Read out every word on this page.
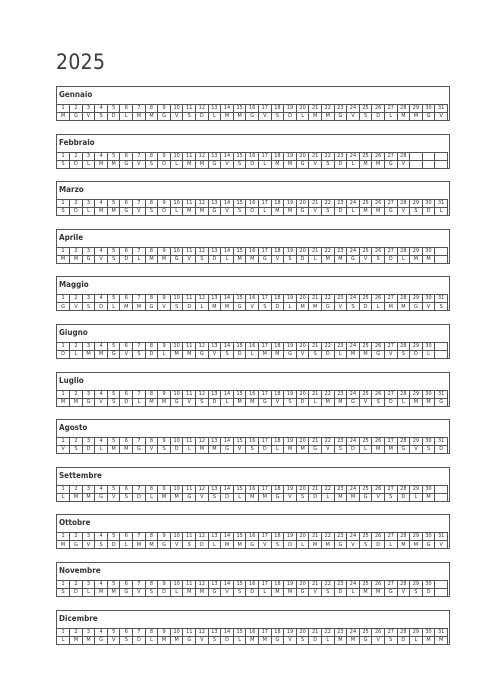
2025
Gennaio
1	2	3	4	5	6	7	8	9	10	11	12	13	14	15	16	17	18	19	20	21	22	23	24	25	26	27	28	29	30	31
M	G	V	S	D	L	M	M	G	V	S	D	L	M	M	G	V	S	D	L	M	M	G	V	S	D	L	M	M	G	V
Febbraio
1	2	3	4	5	6	7	8	9	10	11	12	13	14	15	16	17	18	19	20	21	22	23	24	25	26	27	28			
S	D	L	M	M	G	V	S	D	L	M	M	G	V	S	D	L	M	M	G	V	S	D	L	M	M	G	V			
Marzo
1	2	3	4	5	6	7	8	9	10	11	12	13	14	15	16	17	18	19	20	21	22	23	24	25	26	27	28	29	30	31
S	D	L	M	M	G	V	S	D	L	M	M	G	V	S	D	L	M	M	G	V	S	D	L	M	M	G	V	S	D	L
Aprile
1	2	3	4	5	6	7	8	9	10	11	12	13	14	15	16	17	18	19	20	21	22	23	24	25	26	27	28	29	30	
M	M	G	V	S	D	L	M	M	G	V	S	D	L	M	M	G	V	S	D	L	M	M	G	V	S	D	L	M	M	
Maggio
1	2	3	4	5	6	7	8	9	10	11	12	13	14	15	16	17	18	19	20	21	22	23	24	25	26	27	28	29	30	31
G	V	S	D	L	M	M	G	V	S	D	L	M	M	G	V	S	D	L	M	M	G	V	S	D	L	M	M	G	V	S
Giugno
1	2	3	4	5	6	7	8	9	10	11	12	13	14	15	16	17	18	19	20	21	22	23	24	25	26	27	28	29	30	
D	L	M	M	G	V	S	D	L	M	M	G	V	S	D	L	M	M	G	V	S	D	L	M	M	G	V	S	D	L	
Luglio
1	2	3	4	5	6	7	8	9	10	11	12	13	14	15	16	17	18	19	20	21	22	23	24	25	26	27	28	29	30	31
M	M	G	V	S	D	L	M	M	G	V	S	D	L	M	M	G	V	S	D	L	M	M	G	V	S	D	L	M	M	G
Agosto
1	2	3	4	5	6	7	8	9	10	11	12	13	14	15	16	17	18	19	20	21	22	23	24	25	26	27	28	29	30	31
V	S	D	L	M	M	G	V	S	D	L	M	M	G	V	S	D	L	M	M	G	V	S	D	L	M	M	G	V	S	D
Settembre
1	2	3	4	5	6	7	8	9	10	11	12	13	14	15	16	17	18	19	20	21	22	23	24	25	26	27	28	29	30	
L	M	M	G	V	S	D	L	M	M	G	V	S	D	L	M	M	G	V	S	D	L	M	M	G	V	S	D	L	M	
Ottobre
1	2	3	4	5	6	7	8	9	10	11	12	13	14	15	16	17	18	19	20	21	22	23	24	25	26	27	28	29	30	31
M	G	V	S	D	L	M	M	G	V	S	D	L	M	M	G	V	S	D	L	M	M	G	V	S	D	L	M	M	G	V
Novembre
1	2	3	4	5	6	7	8	9	10	11	12	13	14	15	16	17	18	19	20	21	22	23	24	25	26	27	28	29	30	
S	D	L	M	M	G	V	S	D	L	M	M	G	V	S	D	L	M	M	G	V	S	D	L	M	M	G	V	S	D	
Dicembre
1	2	3	4	5	6	7	8	9	10	11	12	13	14	15	16	17	18	19	20	21	22	23	24	25	26	27	28	29	30	31
L	M	M	G	V	S	D	L	M	M	G	V	S	D	L	M	M	G	V	S	D	L	M	M	G	V	S	D	L	M	M
